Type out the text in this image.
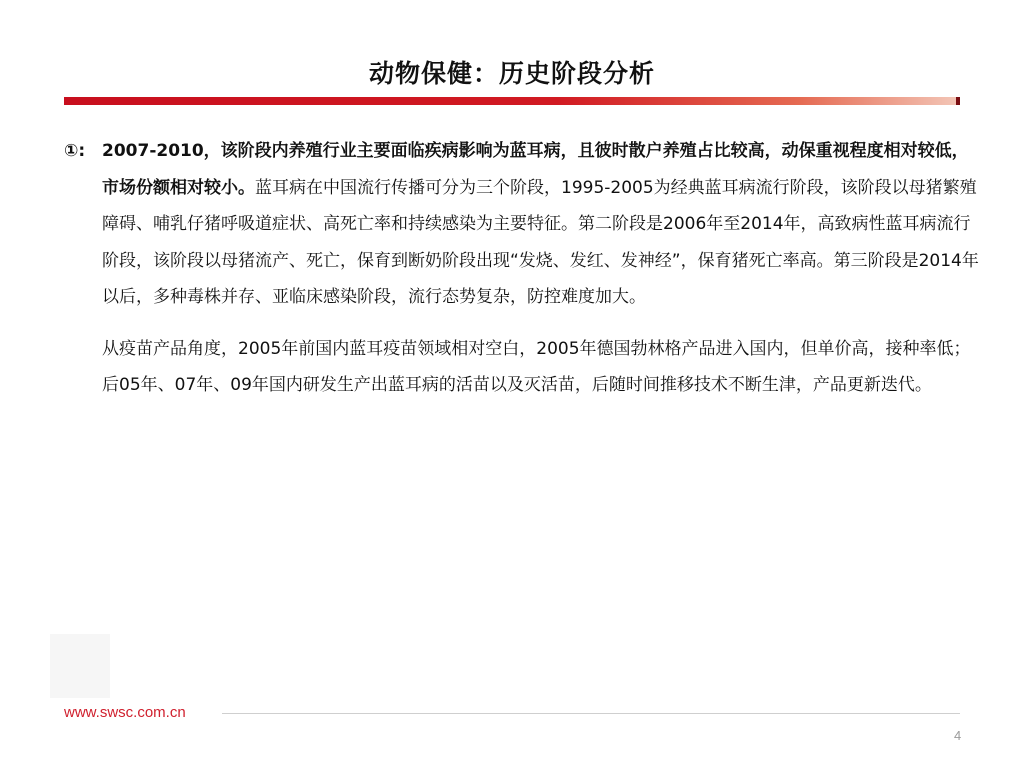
动物保健：历史阶段分析
①: 2007-2010，该阶段内养殖行业主要面临疾病影响为蓝耳病，且彼时散户养殖占比较高，动保重视程度相对较低，市场份额相对较小。蓝耳病在中国流行传播可分为三个阶段，1995-2005为经典蓝耳病流行阶段，该阶段以母猪繁殖障碍、哺乳仔猪呼吸道症状、高死亡率和持续感染为主要特征。第二阶段是2006年至2014年，高致病性蓝耳病流行阶段，该阶段以母猪流产、死亡，保育到断奶阶段出现“发烧、发红、发神经”，保育猪死亡率高。第三阶段是2014年以后，多种毒株并存、亚临床感染阶段，流行态势复杂，防控难度加大。
从疫苗产品角度，2005年前国内蓝耳疫苗领域相对空白，2005年德国勃林格产品进入国内，但单价高，接种率低；后05年、07年、09年国内研发生产出蓝耳病的活苗以及灭活苗，后随时间推移技术不断生津，产品更新迭代。
www.swsc.com.cn
4
